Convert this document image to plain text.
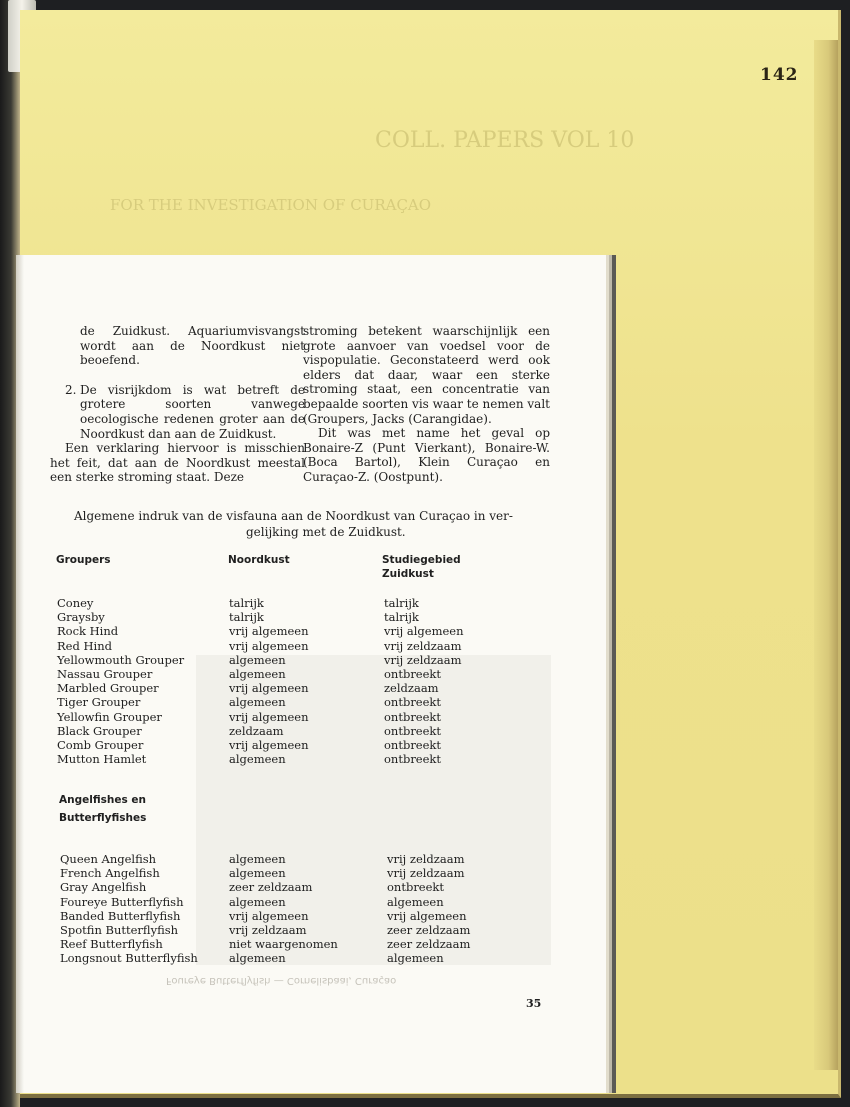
142
COLL. PAPERS VOL 10
FOR THE INVESTIGATION OF CURAÇAO

de Zuidkust. Aquariumvisvangst wordt aan de Noordkust niet beoefend.

2. De visrijkdom is wat betreft de grotere soorten vanwege oecologische redenen groter aan de Noordkust dan aan de Zuidkust.

Een verklaring hiervoor is misschien het feit, dat aan de Noordkust meestal een sterke stroming staat. Deze

stroming betekent waarschijnlijk een grote aanvoer van voedsel voor de vispopulatie. Geconstateerd werd ook elders dat daar, waar een sterke stroming staat, een concentratie van bepaalde soorten vis waar te nemen valt (Groupers, Jacks (Carangidae).

Dit was met name het geval op Bonaire-Z (Punt Vierkant), Bonaire-W. (Boca Bartol), Klein Curaçao en Curaçao-Z. (Oostpunt).

Algemene indruk van de visfauna aan de Noordkust van Curaçao in ver-
gelijking met de Zuidkust.
Groupers	Noordkust	Studiegebied
Zuidkust
Coney	talrijk	talrijk
Graysby	talrijk	talrijk
Rock Hind	vrij algemeen	vrij algemeen
Red Hind	vrij algemeen	vrij zeldzaam
Yellowmouth Grouper	algemeen	vrij zeldzaam
Nassau Grouper	algemeen	ontbreekt
Marbled Grouper	vrij algemeen	zeldzaam
Tiger Grouper	algemeen	ontbreekt
Yellowfin Grouper	vrij algemeen	ontbreekt
Black Grouper	zeldzaam	ontbreekt
Comb Grouper	vrij algemeen	ontbreekt
Mutton Hamlet	algemeen	ontbreekt
Angelfishes en
Butterflyfishes
Queen Angelfish	algemeen	vrij zeldzaam
French Angelfish	algemeen	vrij zeldzaam
Gray Angelfish	zeer zeldzaam	ontbreekt
Foureye Butterflyfish	algemeen	algemeen
Banded Butterflyfish	vrij algemeen	vrij algemeen
Spotfin Butterflyfish	vrij zeldzaam	zeer zeldzaam
Reef Butterflyfish	niet waargenomen	zeer zeldzaam
Longsnout Butterflyfish	algemeen	algemeen
Foureye Butterflyfish — Cornelisbaai, Curaçao
35
